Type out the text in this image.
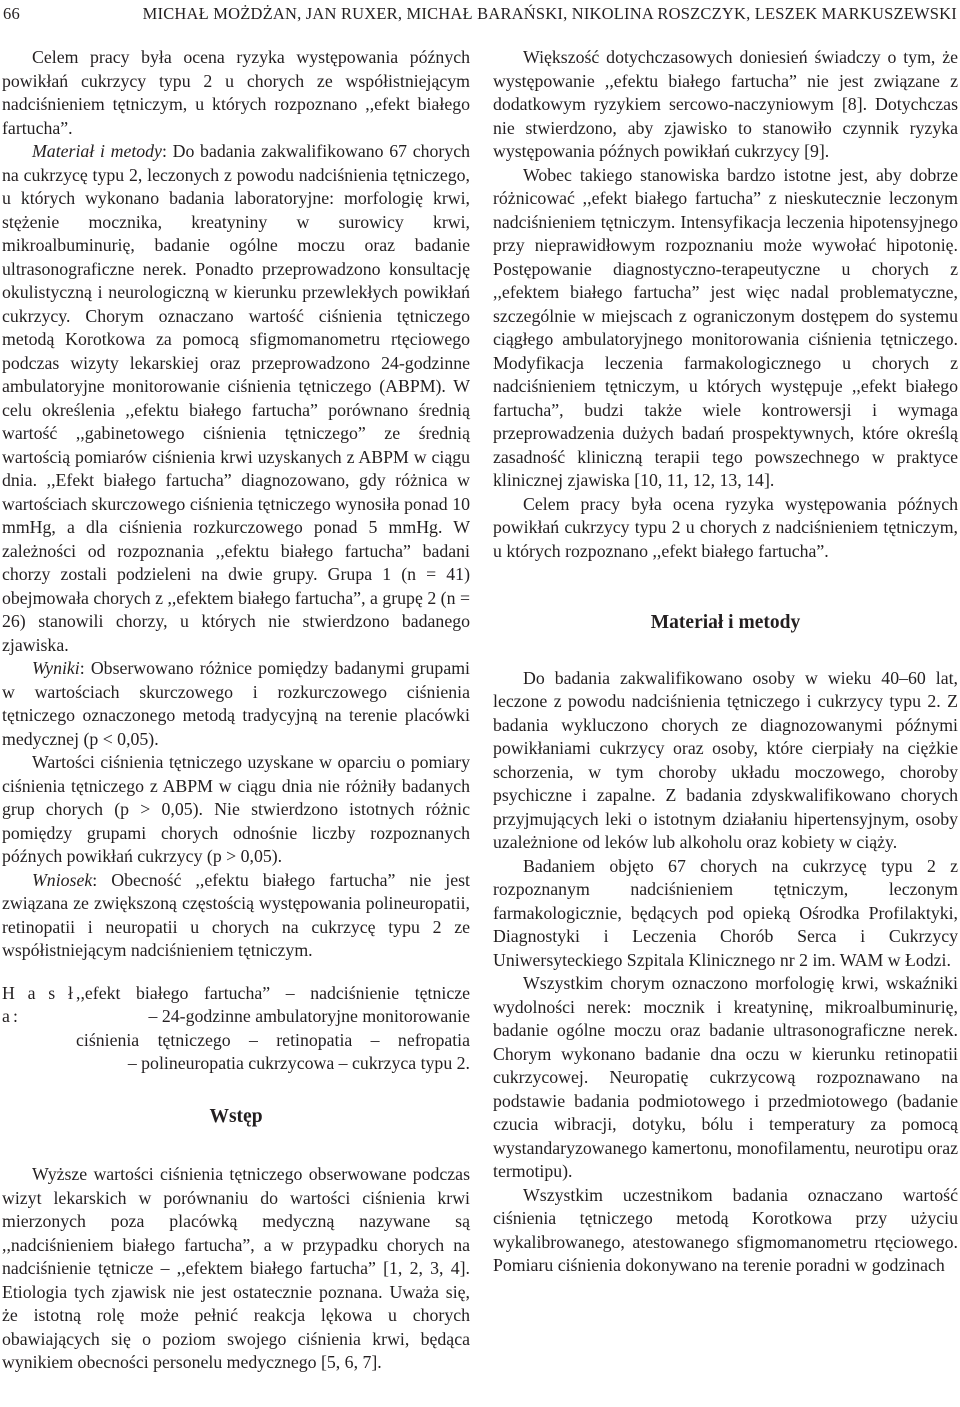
66	MICHAŁ MOŻDŻAN, JAN RUXER, MICHAŁ BARAŃSKI, NIKOLINA ROSZCZYK, LESZEK MARKUSZEWSKI

Celem pracy była ocena ryzyka występowania późnych powikłań cukrzycy typu 2 u chorych ze współistniejącym nadciśnieniem tętniczym, u których rozpoznano ,,efekt białego fartucha”.

Materiał i metody: Do badania zakwalifikowano 67 chorych na cukrzycę typu 2, leczonych z powodu nadciśnienia tętniczego, u których wykonano badania laboratoryjne: morfologię krwi, stężenie mocznika, kreatyniny w surowicy krwi, mikroalbuminurię, badanie ogólne moczu oraz badanie ultrasonograficzne nerek. Ponadto przeprowadzono konsultację okulistyczną i neurologiczną w kierunku przewlekłych powikłań cukrzycy. Chorym oznaczano wartość ciśnienia tętniczego metodą Korotkowa za pomocą sfigmomanometru rtęciowego podczas wizyty lekarskiej oraz przeprowadzono 24-godzinne ambulatoryjne monitorowanie ciśnienia tętniczego (ABPM). W celu określenia ,,efektu białego fartucha” porównano średnią wartość ,,gabinetowego ciśnienia tętniczego” ze średnią wartością pomiarów ciśnienia krwi uzyskanych z ABPM w ciągu dnia. ,,Efekt białego fartucha” diagnozowano, gdy różnica w wartościach skurczowego ciśnienia tętniczego wynosiła ponad 10 mmHg, a dla ciśnienia rozkurczowego ponad 5 mmHg. W zależności od rozpoznania ,,efektu białego fartucha” badani chorzy zostali podzieleni na dwie grupy. Grupa 1 (n = 41) obejmowała chorych z ,,efektem białego fartucha”, a grupę 2 (n = 26) stanowili chorzy, u których nie stwierdzono badanego zjawiska.

Wyniki: Obserwowano różnice pomiędzy badanymi grupami w wartościach skurczowego i rozkurczowego ciśnienia tętniczego oznaczonego metodą tradycyjną na terenie placówki medycznej (p < 0,05).

Wartości ciśnienia tętniczego uzyskane w oparciu o pomiary ciśnienia tętniczego z ABPM w ciągu dnia nie różniły badanych grup chorych (p > 0,05). Nie stwierdzono istotnych różnic pomiędzy grupami chorych odnośnie liczby rozpoznanych późnych powikłań cukrzycy (p > 0,05).

Wniosek: Obecność ,,efektu białego fartucha” nie jest związana ze zwiększoną częstością występowania polineuropatii, retinopatii i neuropatii u chorych na cukrzycę typu 2 ze współistniejącym nadciśnieniem tętniczym.

H a s ł a:
,,efekt białego fartucha” – nadciśnienie tętnicze
– 24-godzinne ambulatoryjne monitorowanie
ciśnienia tętniczego – retinopatia – nefropatia
– polineuropatia cukrzycowa – cukrzyca typu 2.
Wstęp

Wyższe wartości ciśnienia tętniczego obserwowane podczas wizyt lekarskich w porównaniu do wartości ciśnienia krwi mierzonych poza placówką medyczną nazywane są ,,nadciśnieniem białego fartucha”, a w przypadku chorych na nadciśnienie tętnicze – ,,efektem białego fartucha” [1, 2, 3, 4]. Etiologia tych zjawisk nie jest ostatecznie poznana. Uważa się, że istotną rolę może pełnić reakcja lękowa u chorych obawiających się o poziom swojego ciśnienia krwi, będąca wynikiem obecności personelu medycznego [5, 6, 7].

Większość dotychczasowych doniesień świadczy o tym, że występowanie ,,efektu białego fartucha” nie jest związane z dodatkowym ryzykiem sercowo-naczyniowym [8]. Dotychczas nie stwierdzono, aby zjawisko to stanowiło czynnik ryzyka występowania późnych powikłań cukrzycy [9].

Wobec takiego stanowiska bardzo istotne jest, aby dobrze różnicować ,,efekt białego fartucha” z nieskutecznie leczonym nadciśnieniem tętniczym. Intensyfikacja leczenia hipotensyjnego przy nieprawidłowym rozpoznaniu może wywołać hipotonię. Postępowanie diagnostyczno-terapeutyczne u chorych z ,,efektem białego fartucha” jest więc nadal problematyczne, szczególnie w miejscach z ograniczonym dostępem do systemu ciągłego ambulatoryjnego monitorowania ciśnienia tętniczego. Modyfikacja leczenia farmakologicznego u chorych z nadciśnieniem tętniczym, u których występuje ,,efekt białego fartucha”, budzi także wiele kontrowersji i wymaga przeprowadzenia dużych badań prospektywnych, które określą zasadność kliniczną terapii tego powszechnego w praktyce klinicznej zjawiska [10, 11, 12, 13, 14].

Celem pracy była ocena ryzyka występowania późnych powikłań cukrzycy typu 2 u chorych z nadciśnieniem tętniczym, u których rozpoznano ,,efekt białego fartucha”.

Materiał i metody

Do badania zakwalifikowano osoby w wieku 40–60 lat, leczone z powodu nadciśnienia tętniczego i cukrzycy typu 2. Z badania wykluczono chorych ze diagnozowanymi późnymi powikłaniami cukrzycy oraz osoby, które cierpiały na ciężkie schorzenia, w tym choroby układu moczowego, choroby psychiczne i zapalne. Z badania zdyskwalifikowano chorych przyjmujących leki o istotnym działaniu hipertensyjnym, osoby uzależnione od leków lub alkoholu oraz kobiety w ciąży.

Badaniem objęto 67 chorych na cukrzycę typu 2 z rozpoznanym nadciśnieniem tętniczym, leczonym farmakologicznie, będących pod opieką Ośrodka Profilaktyki, Diagnostyki i Leczenia Chorób Serca i Cukrzycy Uniwersyteckiego Szpitala Klinicznego nr 2 im. WAM w Łodzi.

Wszystkim chorym oznaczono morfologię krwi, wskaźniki wydolności nerek: mocznik i kreatyninę, mikroalbuminurię, badanie ogólne moczu oraz badanie ultrasonograficzne nerek. Chorym wykonano badanie dna oczu w kierunku retinopatii cukrzycowej. Neuropatię cukrzycową rozpoznawano na podstawie badania podmiotowego i przedmiotowego (badanie czucia wibracji, dotyku, bólu i temperatury za pomocą wystandaryzowanego kamertonu, monofilamentu, neurotipu oraz termotipu).

Wszystkim uczestnikom badania oznaczano wartość ciśnienia tętniczego metodą Korotkowa przy użyciu wykalibrowanego, atestowanego sfigmomanometru rtęciowego. Pomiaru ciśnienia dokonywano na terenie poradni w godzinach
